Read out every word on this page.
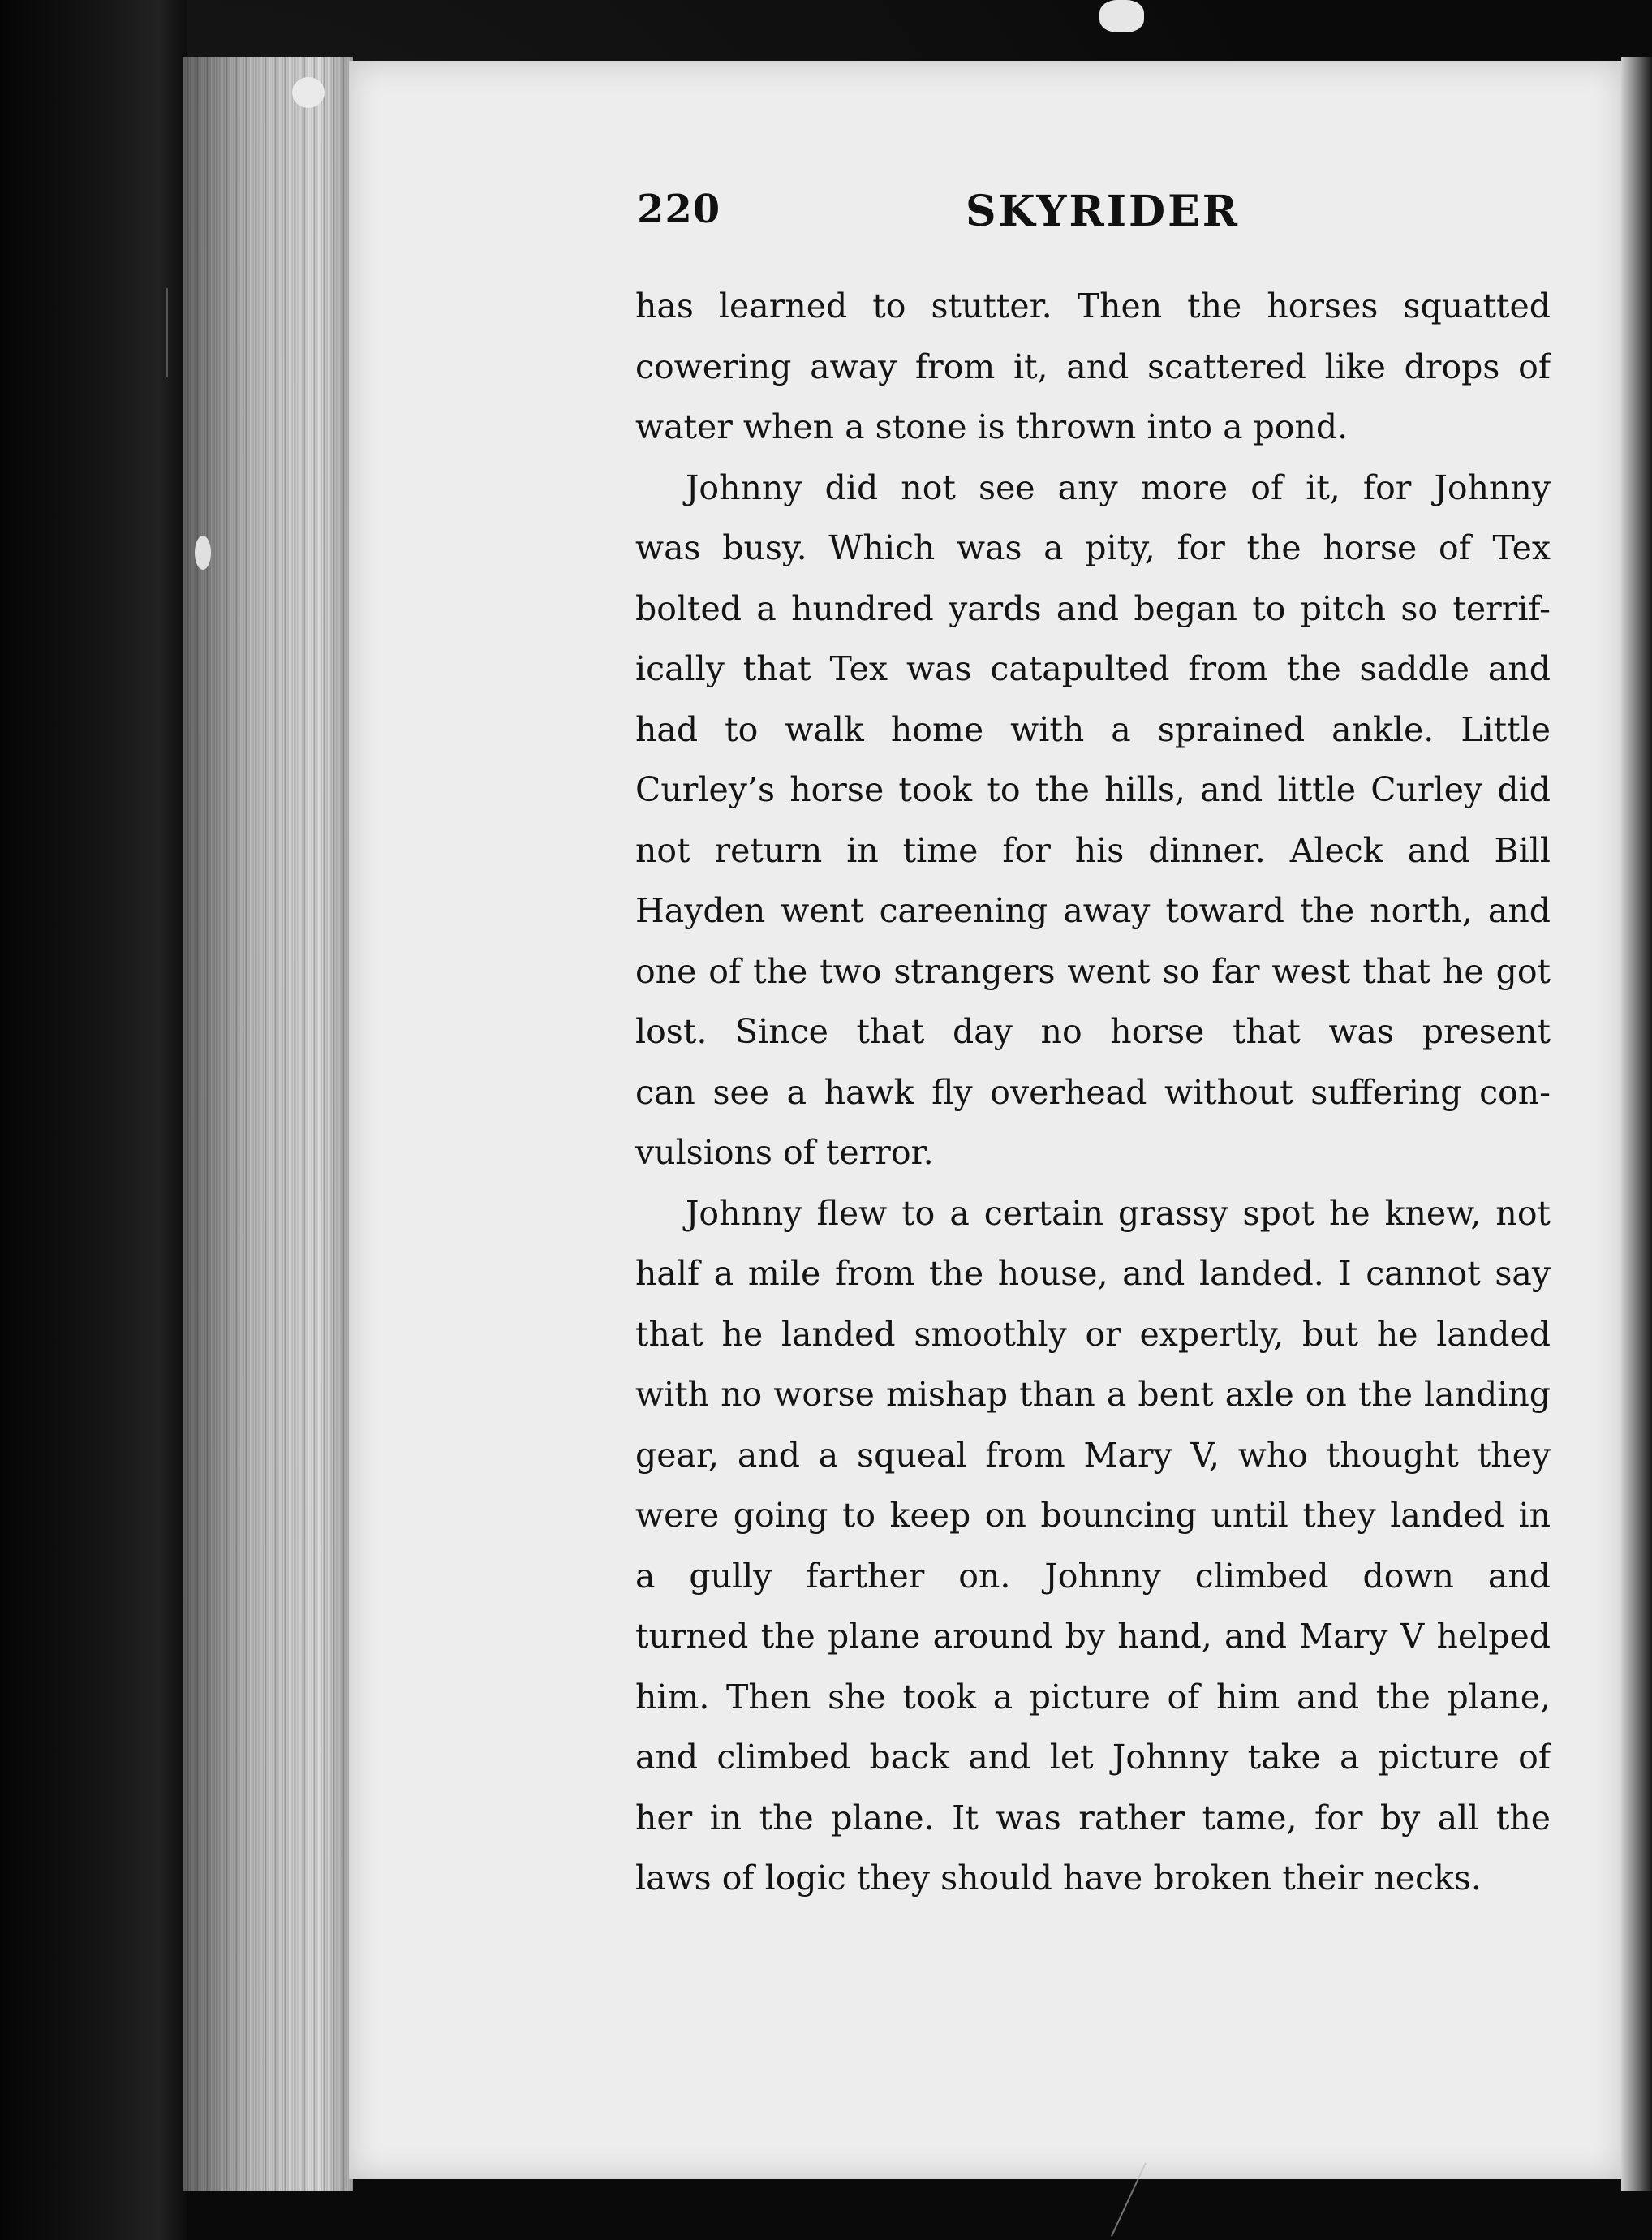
220	SKYRIDER
has learned to stutter. Then the horses squatted
cowering away from it, and scattered like drops of
water when a stone is thrown into a pond.
Johnny did not see any more of it, for Johnny
was busy. Which was a pity, for the horse of Tex
bolted a hundred yards and began to pitch so terrif-
ically that Tex was catapulted from the saddle and
had to walk home with a sprained ankle. Little
Curley’s horse took to the hills, and little Curley did
not return in time for his dinner. Aleck and Bill
Hayden went careening away toward the north, and
one of the two strangers went so far west that he got
lost. Since that day no horse that was present
can see a hawk fly overhead without suffering con-
vulsions of terror.
Johnny flew to a certain grassy spot he knew, not
half a mile from the house, and landed. I cannot say
that he landed smoothly or expertly, but he landed
with no worse mishap than a bent axle on the landing
gear, and a squeal from Mary V, who thought they
were going to keep on bouncing until they landed in
a gully farther on. Johnny climbed down and
turned the plane around by hand, and Mary V helped
him. Then she took a picture of him and the plane,
and climbed back and let Johnny take a picture of
her in the plane. It was rather tame, for by all the
laws of logic they should have broken their necks.
